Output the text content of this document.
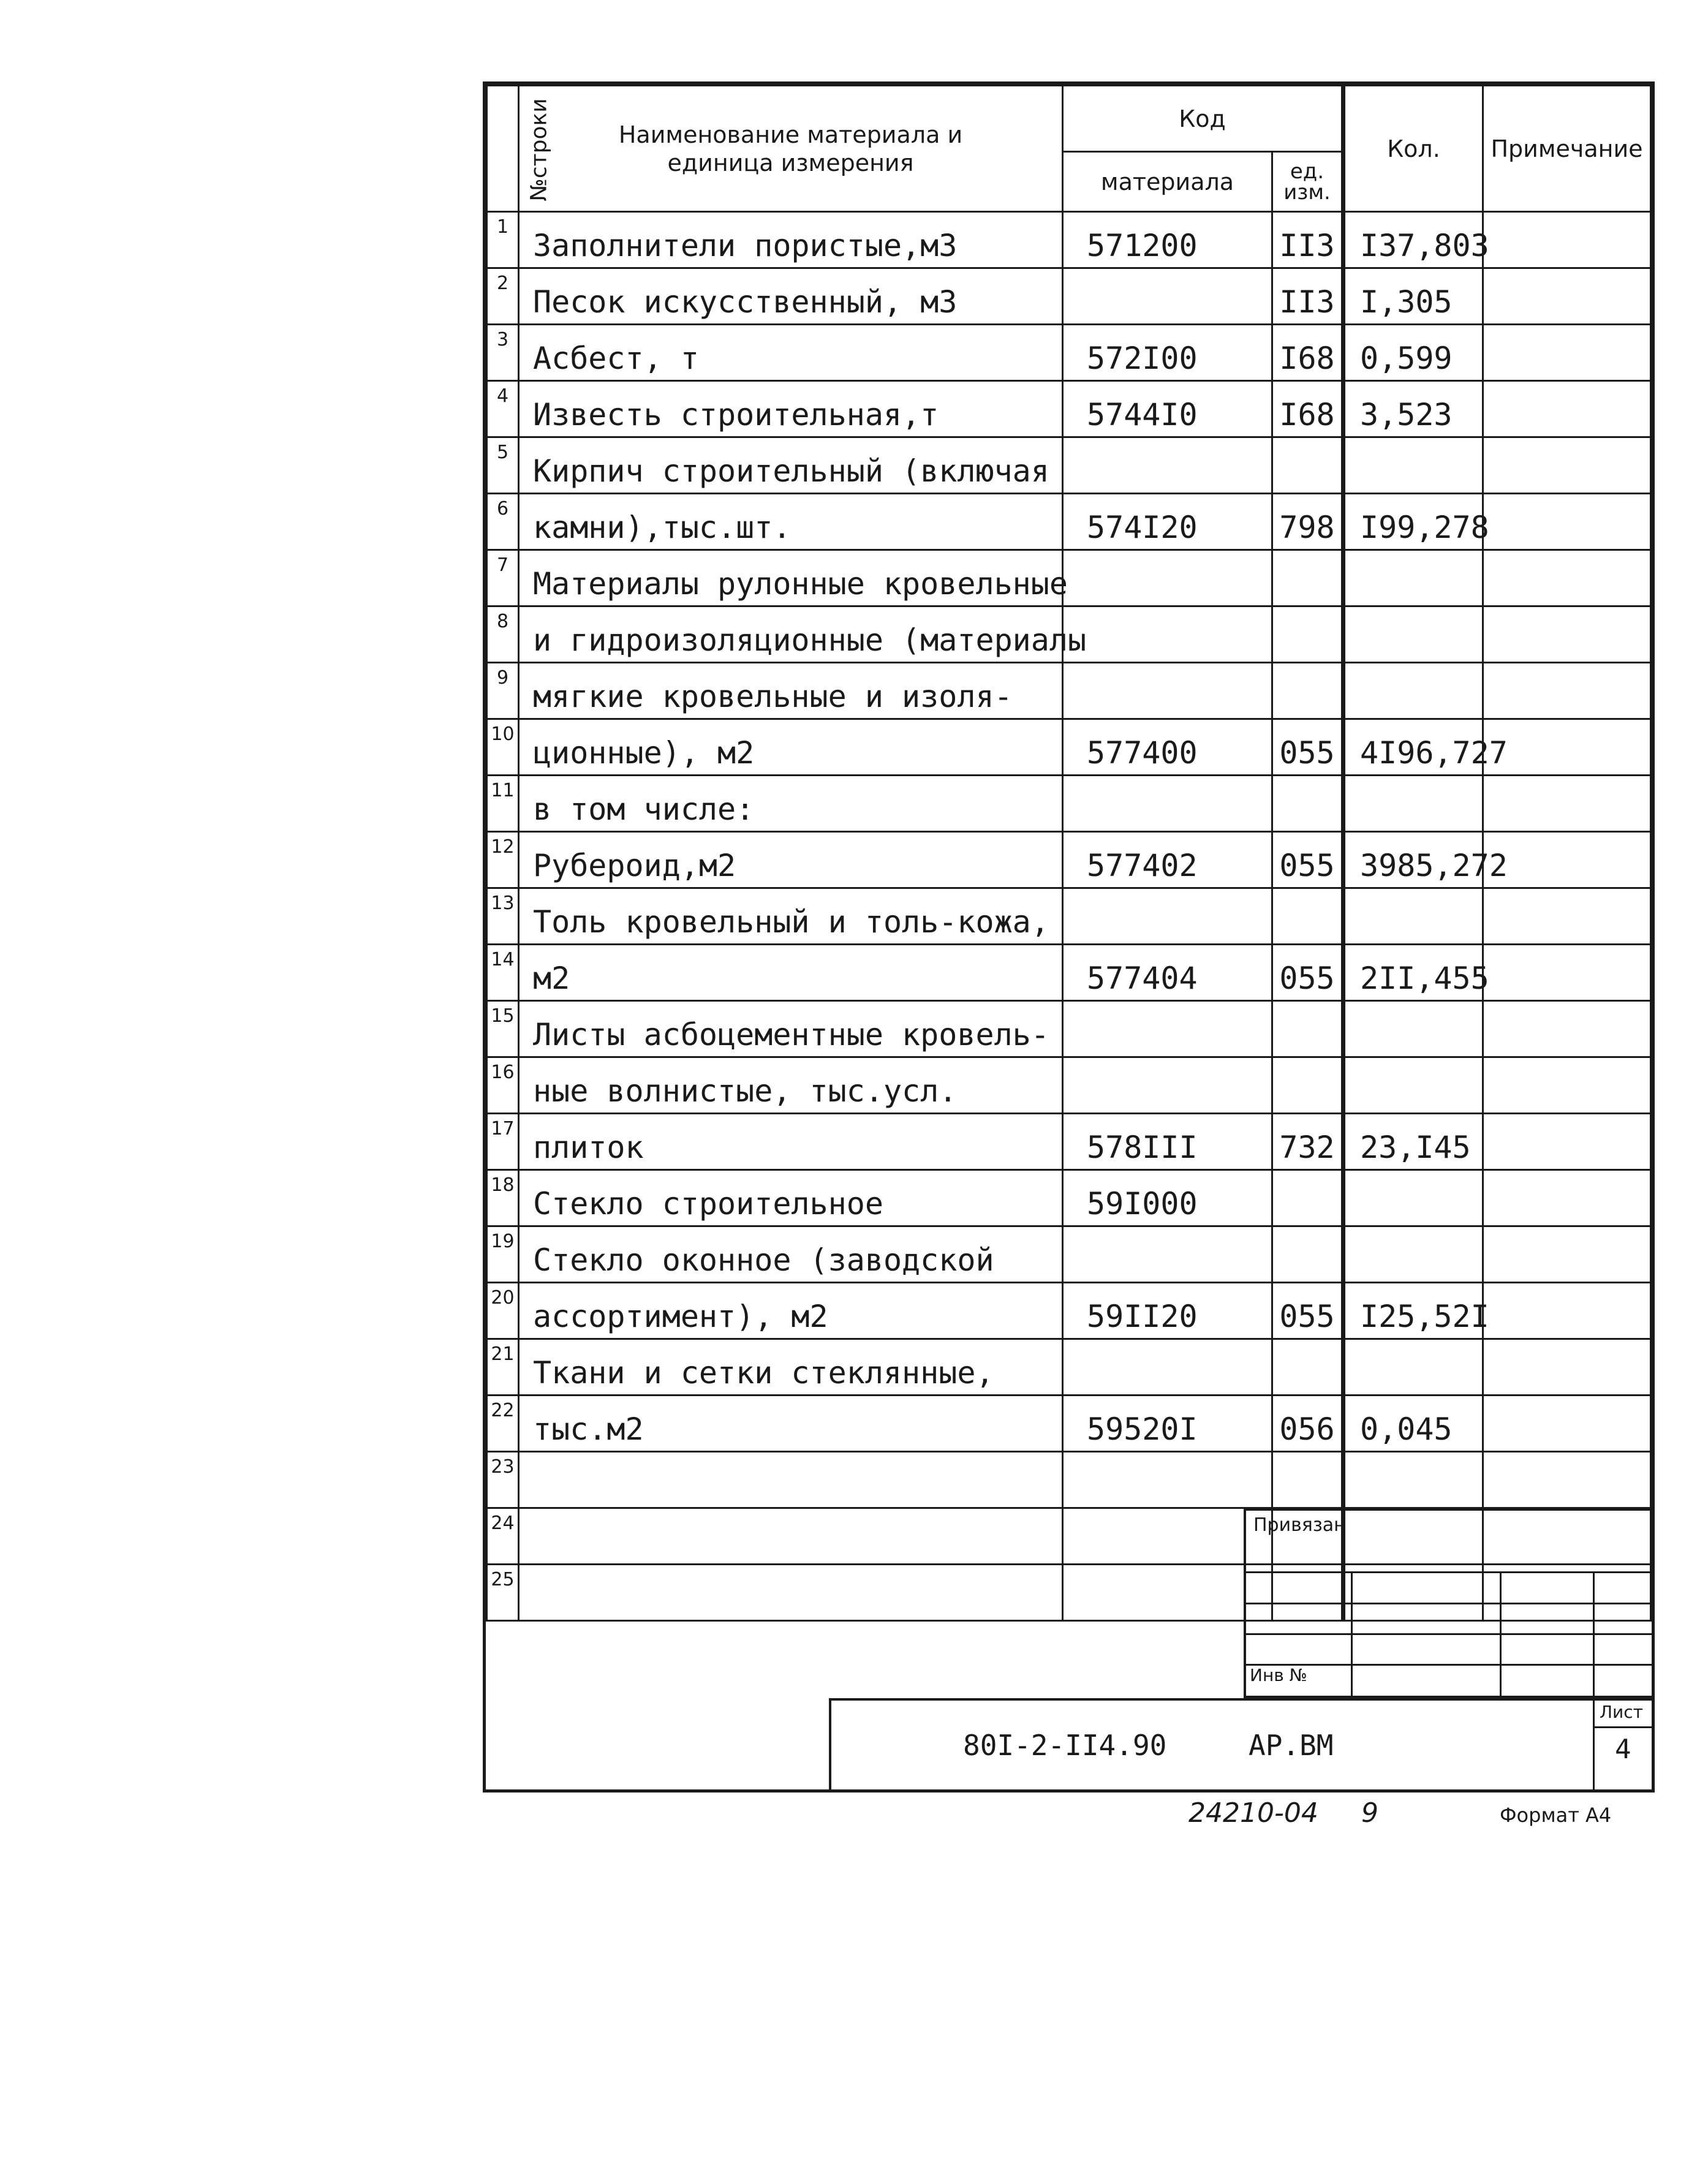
№строки	Наименование материала и единица измерения	Код		Кол.	Примечание
		материала	ед. изм.		

1	Заполнители пористые,м3	571200	II3	I37,803	
2	Песок искусственный, м3		II3	I,305	
3	Асбест, т	572I00	I68	0,599	
4	Известь строительная,т	5744I0	I68	3,523	
5	Кирпич строительный (включая				
6	камни),тыс.шт.	574I20	798	I99,278	
7	Материалы рулонные кровельные				
8	и гидроизоляционные (материалы				
9	мягкие кровельные и изоля-				
10	ционные), м2	577400	055	4I96,727	
11	в том числе:				
12	Рубероид,м2	577402	055	3985,272	
13	Толь кровельный и толь-кожа,				
14	м2	577404	055	2II,455	
15	Листы асбоцементные кровель-				
16	ные волнистые, тыс.усл.				
17	плиток	578III	732	23,I45	
18	Стекло строительное	59I000			
19	Стекло оконное (заводской				
20	ассортимент), м2	59II20	055	I25,52I	
21	Ткани и сетки стеклянные,				
22	тыс.м2	59520I	056	0,045	
23					
24					
25					
Привязан
Инв №
80I-2-II4.90	АР.ВМ
Лист
4
24210-04 9	Формат А4
